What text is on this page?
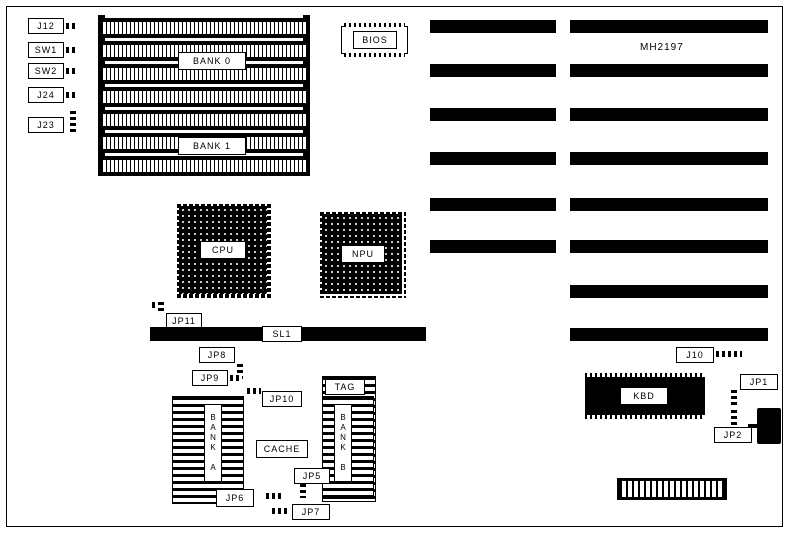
J12
SW1
SW2
J24
J23
BANK 0
BANK 1
BIOS
MH2197
CPU	NPU
JP11
SL1
JP8
JP9
JP10
TAG
B
A
N
K

A
B
A
N
K

B
CACHE
JP5
JP6
JP7
J10
KBD
JP1
JP2
